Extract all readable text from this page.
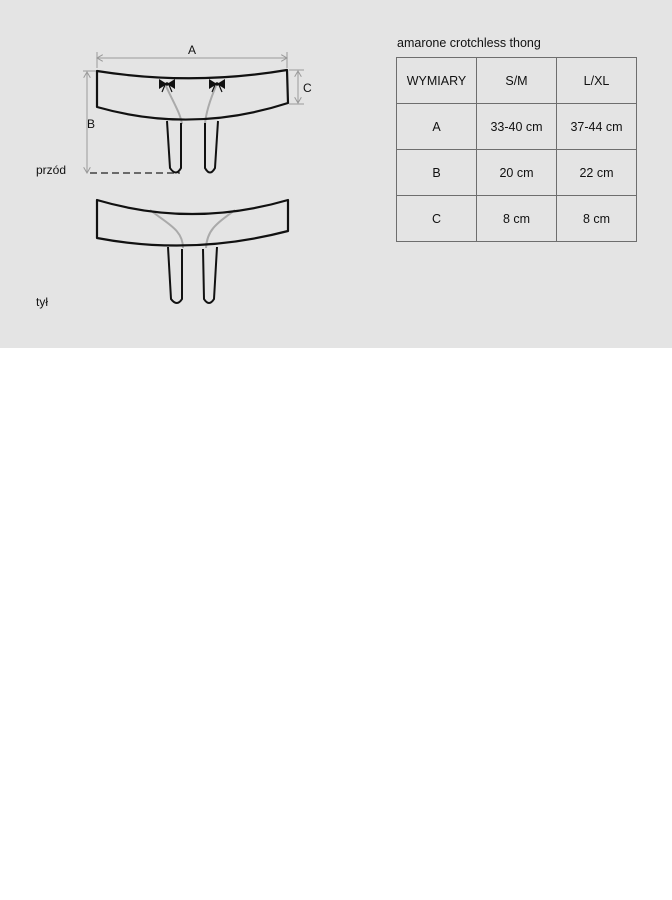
A
B
C
przód
tył
amarone crotchless thong
WYMIARY	S/M	L/XL
A	33-40 cm	37-44 cm
B	20 cm	22 cm
C	8 cm	8 cm
